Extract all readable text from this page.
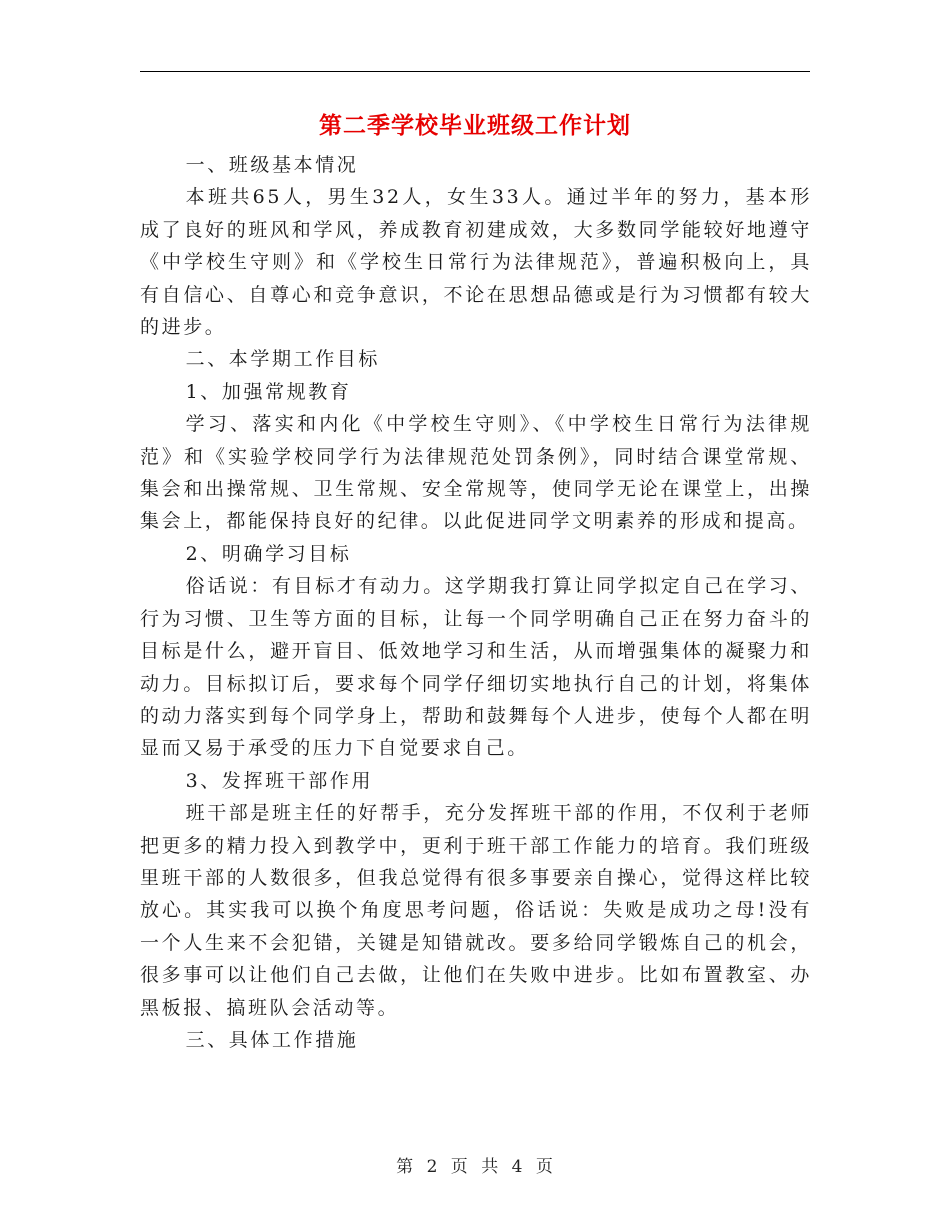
第二季学校毕业班级工作计划

一、班级基本情况

本班共65人，男生32人，女生33人。通过半年的努力，基本形成了良好的班风和学风，养成教育初建成效，大多数同学能较好地遵守《中学校生守则》和《学校生日常行为法律规范》，普遍积极向上，具有自信心、自尊心和竞争意识，不论在思想品德或是行为习惯都有较大的进步。

二、本学期工作目标

1、加强常规教育

学习、落实和内化《中学校生守则》、《中学校生日常行为法律规范》和《实验学校同学行为法律规范处罚条例》，同时结合课堂常规、集会和出操常规、卫生常规、安全常规等，使同学无论在课堂上，出操集会上，都能保持良好的纪律。以此促进同学文明素养的形成和提高。

2、明确学习目标

俗话说：有目标才有动力。这学期我打算让同学拟定自己在学习、行为习惯、卫生等方面的目标，让每一个同学明确自己正在努力奋斗的目标是什么，避开盲目、低效地学习和生活，从而增强集体的凝聚力和动力。目标拟订后，要求每个同学仔细切实地执行自己的计划，将集体的动力落实到每个同学身上，帮助和鼓舞每个人进步，使每个人都在明显而又易于承受的压力下自觉要求自己。

3、发挥班干部作用

班干部是班主任的好帮手，充分发挥班干部的作用，不仅利于老师把更多的精力投入到教学中，更利于班干部工作能力的培育。我们班级里班干部的人数很多，但我总觉得有很多事要亲自操心，觉得这样比较放心。其实我可以换个角度思考问题，俗话说：失败是成功之母!没有一个人生来不会犯错，关键是知错就改。要多给同学锻炼自己的机会，很多事可以让他们自己去做，让他们在失败中进步。比如布置教室、办黑板报、搞班队会活动等。

三、具体工作措施

第 2 页 共 4 页
